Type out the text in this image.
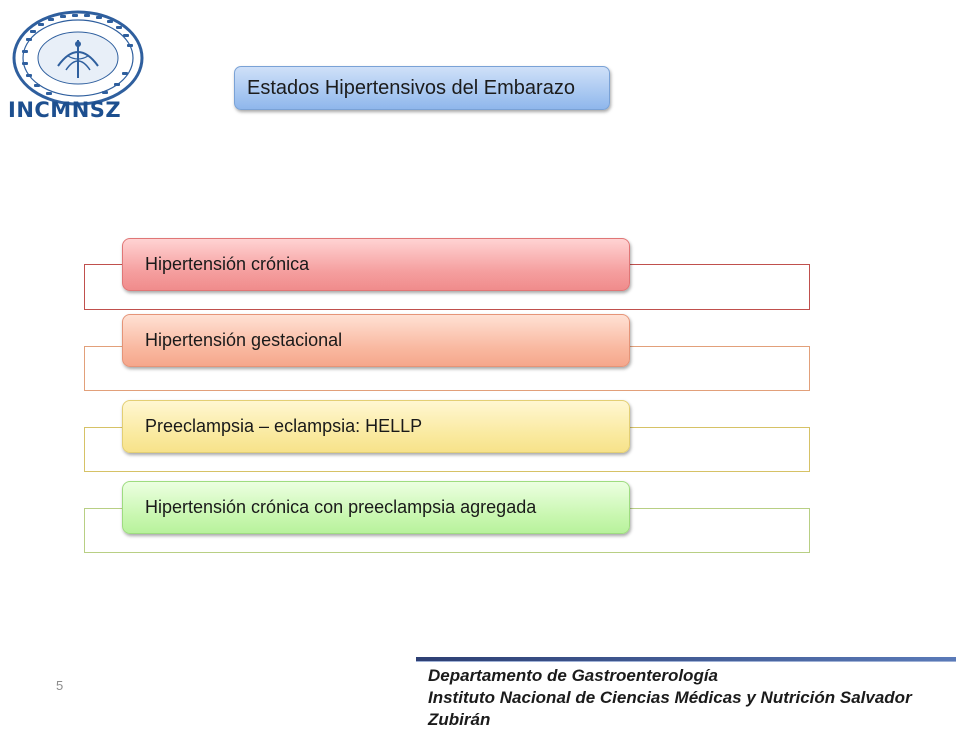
INCMNSZ
Estados Hipertensivos del Embarazo
Hipertensión crónica
Hipertensión gestacional
Preeclampsia – eclampsia: HELLP
Hipertensión crónica con preeclampsia agregada
5
Departamento de Gastroenterología
Instituto Nacional de Ciencias Médicas y Nutrición Salvador Zubirán
